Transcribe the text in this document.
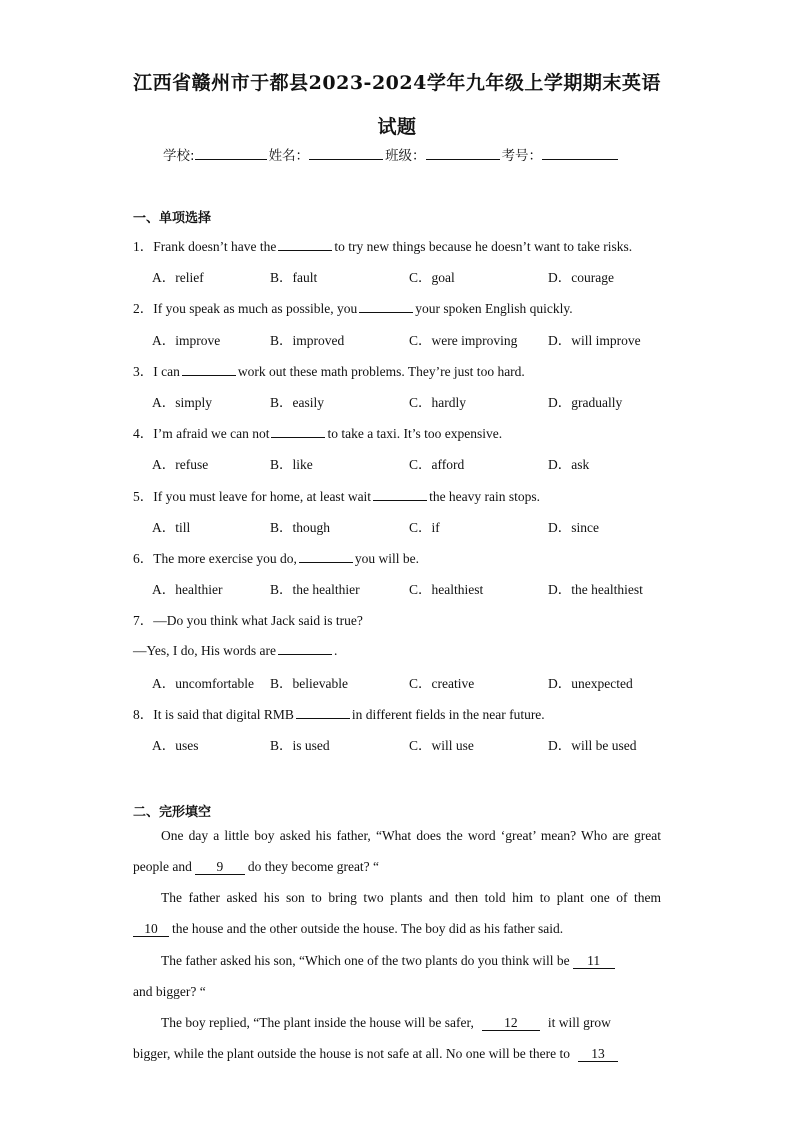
江西省赣州市于都县2023-2024学年九年级上学期期末英语
试题
学校:	姓名：	班级：	考号：
一、单项选择
1．Frank doesn’t have the	to try new things because he doesn’t want to take risks.
A．relief	B．fault	C．goal	D．courage
2．If you speak as much as possible, you	your spoken English quickly.
A．improve	B．improved	C．were improving D．will improve
3．I can	work out these math problems. They’re just too hard.
A．simply	B．easily	C．hardly	D．gradually
4．I’m afraid we can not	to take a taxi. It’s too expensive.
A．refuse	B．like	C．afford	D．ask
5．If you must leave for home, at least wait	the heavy rain stops.
A．till	B．though	C．if	D．since
6．The more exercise you do,	you will be.
A．healthier	B．the healthier	C．healthiest	D．the healthiest
7．—Do you think what Jack said is true?
—Yes, I do, His words are	.
A．uncomfortable B．believable	C．creative	D．unexpected
8．It is said that digital RMB	in different fields in the near future.
A．uses	B．is used	C．will use	D．will be used
二、完形填空
One day a little boy asked his father, “What does the word ‘great’ mean? Who are great
people and 9 do they become great? “
The father asked his son to bring two plants and then told him to plant one of them
10 the house and the other outside the house. The boy did as his father said.
The father asked his son, “Which one of the two plants do you think will be 11
and bigger? “
The boy replied, “The plant inside the house will be safer, 12 it will grow
bigger, while the plant outside the house is not safe at all. No one will be there to 13
